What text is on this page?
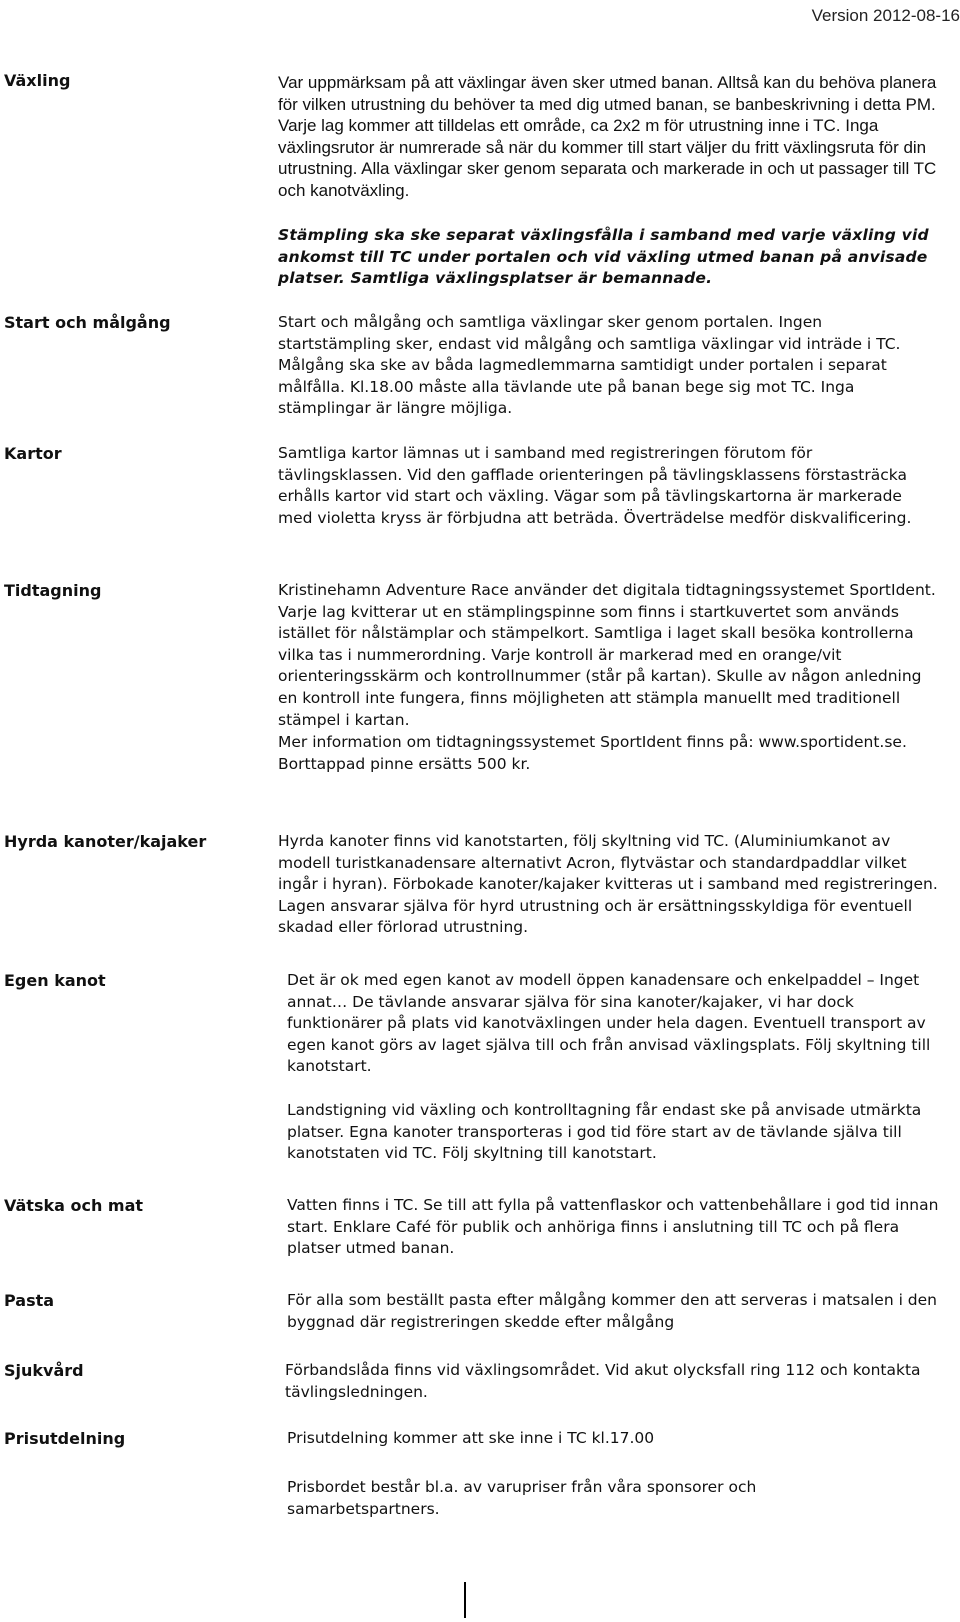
Version 2012-08-16
Växling	Var uppmärksam på att växlingar även sker utmed banan. Alltså kan du behöva planera för vilken utrustning du behöver ta med dig utmed banan, se banbeskrivning i detta PM. Varje lag kommer att tilldelas ett område, ca 2x2 m för utrustning inne i TC. Inga växlingsrutor är numrerade så när du kommer till start väljer du fritt växlingsruta för din utrustning. Alla växlingar sker genom separata och markerade in och ut passager till TC och kanotväxling.

Stämpling ska ske separat växlingsfålla i samband med varje växling vid ankomst till TC under portalen och vid växling utmed banan på anvisade platser. Samtliga växlingsplatser är bemannade.

Start och målgång	Start och målgång och samtliga växlingar sker genom portalen. Ingen startstämpling sker, endast vid målgång och samtliga växlingar vid inträde i TC. Målgång ska ske av båda lagmedlemmarna samtidigt under portalen i separat målfålla. Kl.18.00 måste alla tävlande ute på banan bege sig mot TC. Inga stämplingar är längre möjliga.

Kartor	Samtliga kartor lämnas ut i samband med registreringen förutom för tävlingsklassen. Vid den gafflade orienteringen på tävlingsklassens förstasträcka erhålls kartor vid start och växling. Vägar som på tävlingskartorna är markerade med violetta kryss är förbjudna att beträda. Överträdelse medför diskvalificering.

Tidtagning	Kristinehamn Adventure Race använder det digitala tidtagningssystemet SportIdent. Varje lag kvitterar ut en stämplingspinne som finns i startkuvertet som används istället för nålstämplar och stämpelkort. Samtliga i laget skall besöka kontrollerna vilka tas i nummerordning. Varje kontroll är markerad med en orange/vit orienteringsskärm och kontrollnummer (står på kartan). Skulle av någon anledning en kontroll inte fungera, finns möjligheten att stämpla manuellt med traditionell stämpel i kartan.

Mer information om tidtagningssystemet SportIdent finns på: www.sportident.se. Borttappad pinne ersätts 500 kr.

Hyrda kanoter/kajaker	Hyrda kanoter finns vid kanotstarten, följ skyltning vid TC. (Aluminiumkanot av modell turistkanadensare alternativt Acron, flytvästar och standardpaddlar vilket ingår i hyran). Förbokade kanoter/kajaker kvitteras ut i samband med registreringen. Lagen ansvarar själva för hyrd utrustning och är ersättningsskyldiga för eventuell skadad eller förlorad utrustning.

Egen kanot	Det är ok med egen kanot av modell öppen kanadensare och enkelpaddel – Inget annat… De tävlande ansvarar själva för sina kanoter/kajaker, vi har dock funktionärer på plats vid kanotväxlingen under hela dagen. Eventuell transport av egen kanot görs av laget själva till och från anvisad växlingsplats. Följ skyltning till kanotstart.

Landstigning vid växling och kontrolltagning får endast ske på anvisade utmärkta platser. Egna kanoter transporteras i god tid före start av de tävlande själva till kanotstaten vid TC. Följ skyltning till kanotstart.

Vätska och mat	Vatten finns i TC. Se till att fylla på vattenflaskor och vattenbehållare i god tid innan start. Enklare Café för publik och anhöriga finns i anslutning till TC och på flera platser utmed banan.

Pasta	För alla som beställt pasta efter målgång kommer den att serveras i matsalen i den byggnad där registreringen skedde efter målgång

Sjukvård	Förbandslåda finns vid växlingsområdet. Vid akut olycksfall ring 112 och kontakta tävlingsledningen.

Prisutdelning	Prisutdelning kommer att ske inne i TC kl.17.00

Prisbordet består bl.a. av varupriser från våra sponsorer och samarbetspartners.
